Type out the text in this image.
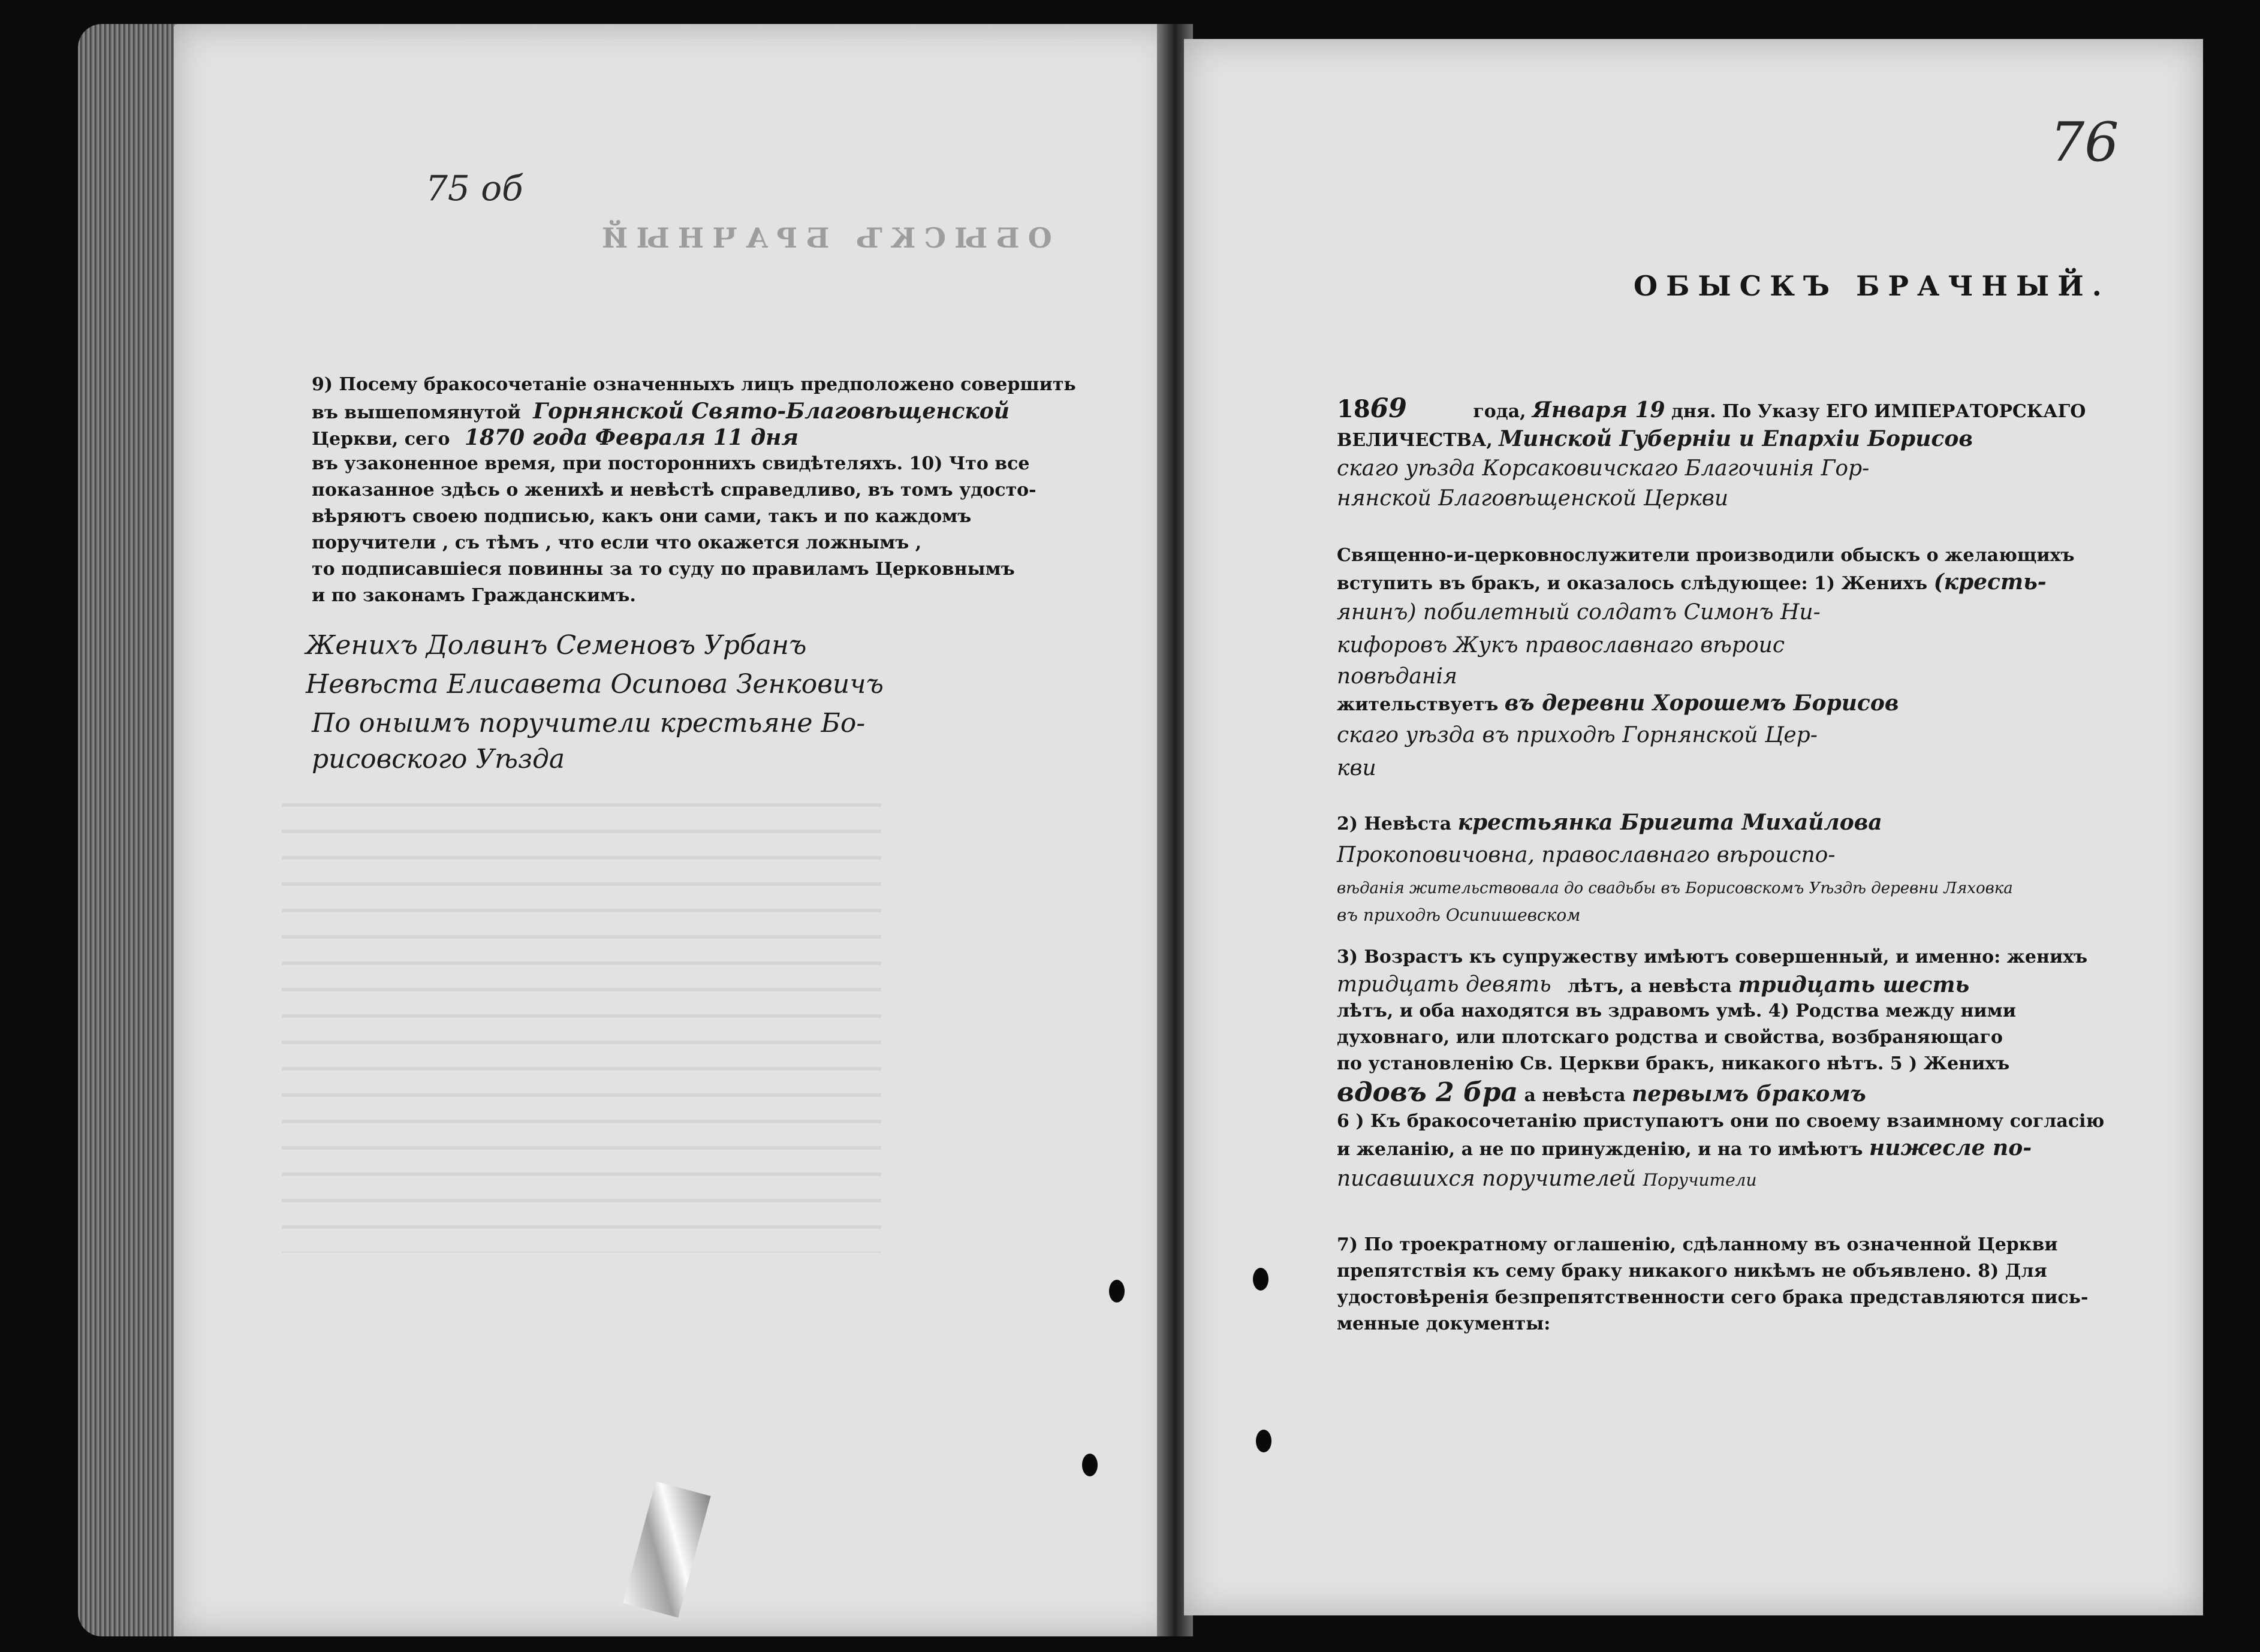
75 об
ОБЫСКЪ БРАЧНЫЙ
9) Посему бракосочетаніе означенныхъ лицъ предположено совершить
въ вышепомянутой Горнянской Свято-Благовѣщенской
Церкви, сего 1870 года Февраля 11 дня
въ узаконенное время, при постороннихъ свидѣтеляхъ. 10) Что все
показанное здѣсь о женихѣ и невѣстѣ справедливо, въ томъ удосто-
вѣряютъ своею подписью, какъ они сами, такъ и по каждомъ
поручители , съ тѣмъ , что если что окажется ложнымъ ,
то подписавшіеся повинны за то суду по правиламъ Церковнымъ
и по законамъ Гражданскимъ.
Женихъ Долвинъ Семеновъ Урбанъ
Невѣста Елисавета Осипова Зенковичъ
По оныимъ поручители крестьяне Бо-
рисовского Уѣзда
76
ОБЫСКЪ БРАЧНЫЙ.
1869	года, Января 19 дня. По Указу ЕГО ИМПЕРАТОРСКАГО
ВЕЛИЧЕСТВА, Минской Губерніи и Епархіи Борисов
скаго уѣзда Корсаковичскаго Благочинія Гор-
нянской Благовѣщенской Церкви
Священно-и-церковнослужители производили обыскъ о желающихъ
вступить въ бракъ, и оказалось слѣдующее: 1) Женихъ (кресть-
янинъ) побилетный солдатъ Симонъ Ни-
кифоровъ Жукъ православнаго вѣроис
повѣданія
жительствуетъ въ деревни Хорошемъ Борисов
скаго уѣзда въ приходѣ Горнянской Цер-
кви
2) Невѣста крестьянка Бригита Михайлова
Прокоповичовна, православнаго вѣроиспо-
вѣданія жительствовала до свадьбы въ Борисовскомъ Уѣздѣ деревни Ляховка
въ приходѣ Осипишевском
3) Возрастъ къ супружеству имѣютъ совершенный, и именно: женихъ
тридцать девять лѣтъ, а невѣста тридцать шесть
лѣтъ, и оба находятся въ здравомъ умѣ. 4) Родства между ними
духовнаго, или плотскаго родства и свойства, возбраняющаго
по установленію Св. Церкви бракъ, никакого нѣтъ. 5 ) Женихъ
вдовъ 2 бра а невѣста первымъ бракомъ
6 ) Къ бракосочетанію приступаютъ они по своему взаимному согласію
и желанію, а не по принужденію, и на то имѣютъ нижесле по-
писавшихся поручителей Поручители
7) По троекратному оглашенію, сдѣланному въ означенной Церкви
препятствія къ сему браку никакого никѣмъ не объявлено. 8) Для
удостовѣренія безпрепятственности сего брака представляются пись-
менные документы:
